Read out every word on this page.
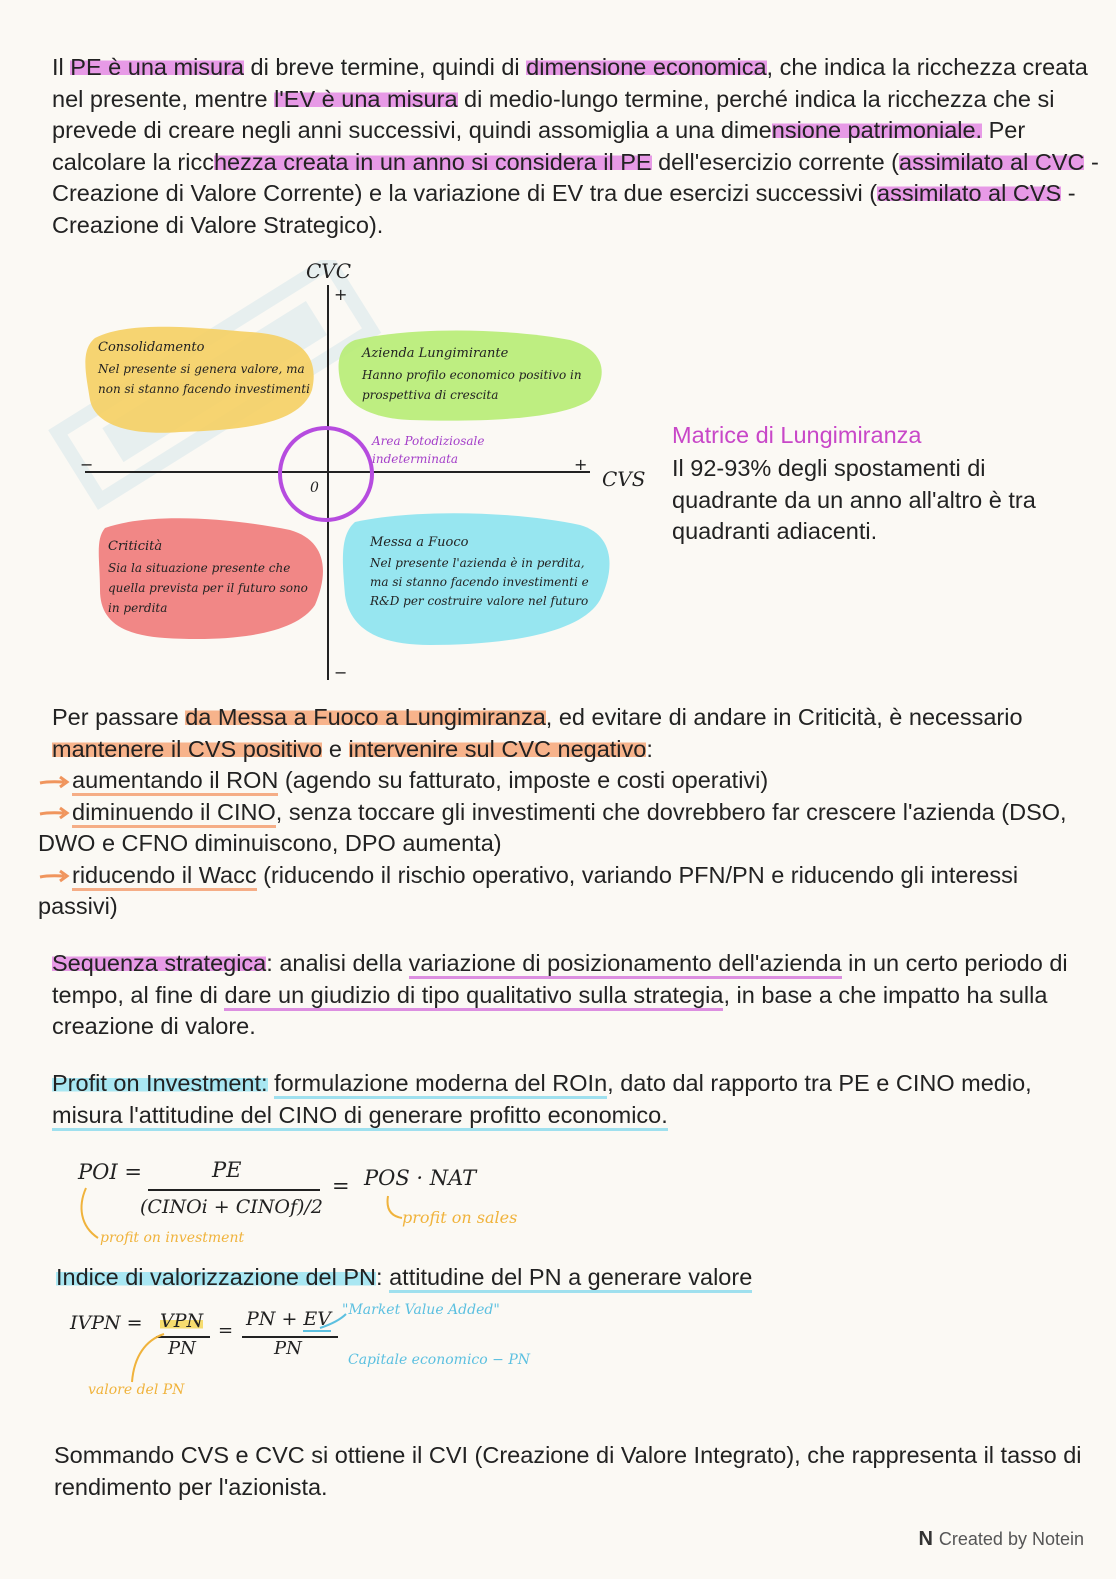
Il PE è una misura di breve termine, quindi di dimensione economica, che indica la ricchezza creata nel presente, mentre l'EV è una misura di medio-lungo termine, perché indica la ricchezza che si prevede di creare negli anni successivi, quindi assomiglia a una dimensione patrimoniale. Per calcolare la ricchezza creata in un anno si considera il PE dell'esercizio corrente (assimilato al CVC - Creazione di Valore Corrente) e la variazione di EV tra due esercizi successivi (assimilato al CVS - Creazione di Valore Strategico).
CVC
+
−
−	+
CVS
0
Area Potodiziosale indeterminata
Consolidamento
Nel presente si genera valore, ma non si stanno facendo investimenti
Azienda Lungimirante
Hanno profilo economico positivo in prospettiva di crescita
Criticità
Sia la situazione presente che quella prevista per il futuro sono in perdita
Messa a Fuoco
Nel presente l'azienda è in perdita, ma si stanno facendo investimenti e R&D per costruire valore nel futuro
Matrice di Lungimiranza
Il 92-93% degli spostamenti di quadrante da un anno all'altro è tra quadranti adiacenti.
Per passare da Messa a Fuoco a Lungimiranza, ed evitare di andare in Criticità, è necessario mantenere il CVS positivo e intervenire sul CVC negativo:
aumentando il RON (agendo su fatturato, imposte e costi operativi)
diminuendo il CINO, senza toccare gli investimenti che dovrebbero far crescere l'azienda (DSO, DWO e CFNO diminuiscono, DPO aumenta)
riducendo il Wacc (riducendo il rischio operativo, variando PFN/PN e riducendo gli interessi passivi)
Sequenza strategica: analisi della variazione di posizionamento dell'azienda in un certo periodo di tempo, al fine di dare un giudizio di tipo qualitativo sulla strategia, in base a che impatto ha sulla creazione di valore.
Profit on Investment: formulazione moderna del ROIn, dato dal rapporto tra PE e CINO medio, misura l'attitudine del CINO di generare profitto economico.
POI =	PE
(CINOi + CINOf)/2
= POS · NAT
profit on investment
profit on sales
Indice di valorizzazione del PN: attitudine del PN a generare valore
IVPN = VPN
PN
=
PN + EV
PN
"Market Value Added"
Capitale economico − PN
valore del PN
Sommando CVS e CVC si ottiene il CVI (Creazione di Valore Integrato), che rappresenta il tasso di rendimento per l'azionista.
N Created by Notein
